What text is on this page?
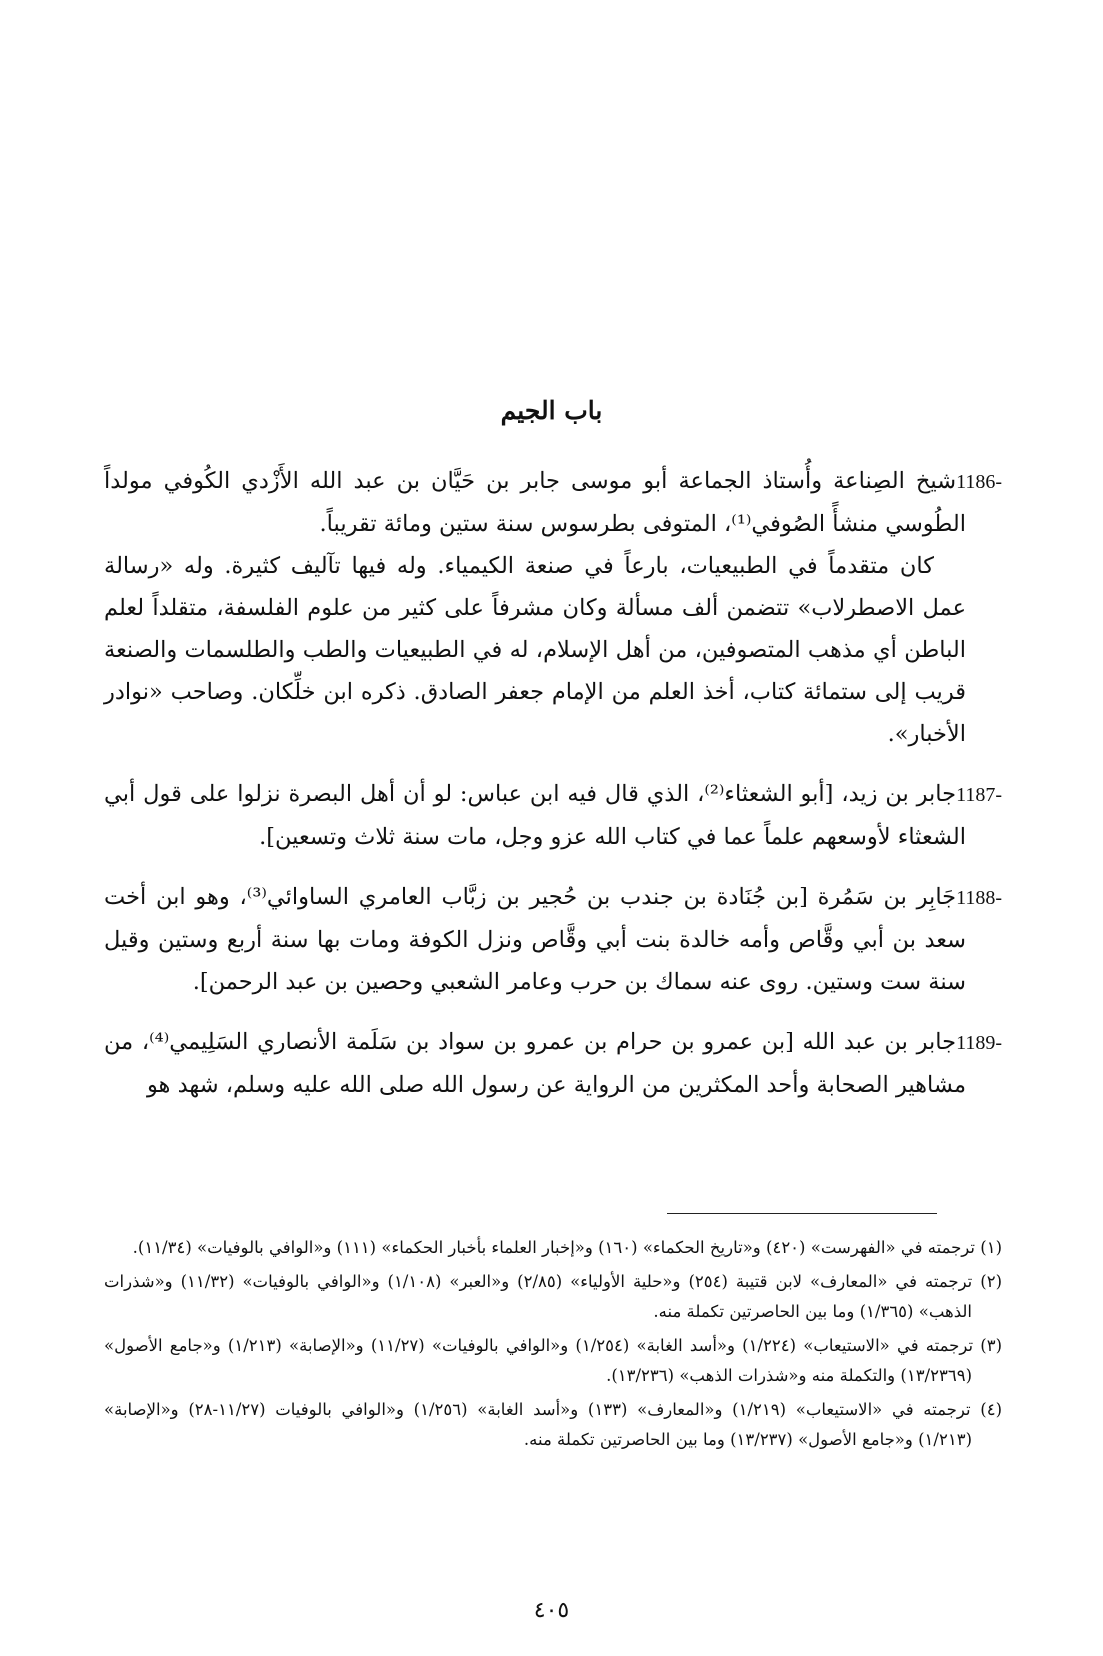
باب الجيم

1186-شيخ الصِناعة وأُستاذ الجماعة أبو موسى جابر بن حَيَّان بن عبد الله الأَزْدي الكُوفي مولداً الطُوسي منشأً الصُوفي⁽¹⁾، المتوفى بطرسوس سنة ستين ومائة تقريباً.

كان متقدماً في الطبيعيات، بارعاً في صنعة الكيمياء. وله فيها تآليف كثيرة. وله «رسالة عمل الاصطرلاب» تتضمن ألف مسألة وكان مشرفاً على كثير من علوم الفلسفة، متقلداً لعلم الباطن أي مذهب المتصوفين، من أهل الإسلام، له في الطبيعيات والطب والطلسمات والصنعة قريب إلى ستمائة كتاب، أخذ العلم من الإمام جعفر الصادق. ذكره ابن خلِّكان. وصاحب «نوادر الأخبار».

1187-جابر بن زيد، [أبو الشعثاء⁽²⁾، الذي قال فيه ابن عباس: لو أن أهل البصرة نزلوا على قول أبي الشعثاء لأوسعهم علماً عما في كتاب الله عزو وجل، مات سنة ثلاث وتسعين].

1188-جَابِر بن سَمُرة [بن جُنَادة بن جندب بن حُجير بن زبَّاب العامري الساوائي⁽³⁾، وهو ابن أخت سعد بن أبي وقَّاص وأمه خالدة بنت أبي وقَّاص ونزل الكوفة ومات بها سنة أربع وستين وقيل سنة ست وستين. روى عنه سماك بن حرب وعامر الشعبي وحصين بن عبد الرحمن].

1189-جابر بن عبد الله [بن عمرو بن حرام بن عمرو بن سواد بن سَلَمة الأنصاري السَلِيمي⁽⁴⁾، من مشاهير الصحابة وأحد المكثرين من الرواية عن رسول الله صلى الله عليه وسلم، شهد هو

(١) ترجمته في «الفهرست» (٤٢٠) و«تاريخ الحكماء» (١٦٠) و«إخبار العلماء بأخبار الحكماء» (١١١) و«الوافي بالوفيات» (١١/٣٤).

(٢) ترجمته في «المعارف» لابن قتيبة (٢٥٤) و«حلية الأولياء» (٢/٨٥) و«العبر» (١/١٠٨) و«الوافي بالوفيات» (١١/٣٢) و«شذرات الذهب» (١/٣٦٥) وما بين الحاصرتين تكملة منه.

(٣) ترجمته في «الاستيعاب» (١/٢٢٤) و«أسد الغابة» (١/٢٥٤) و«الوافي بالوفيات» (١١/٢٧) و«الإصابة» (١/٢١٣) و«جامع الأصول» (١٣/٢٣٦٩) والتكملة منه و«شذرات الذهب» (١٣/٢٣٦).

(٤) ترجمته في «الاستيعاب» (١/٢١٩) و«المعارف» (١٣٣) و«أسد الغابة» (١/٢٥٦) و«الوافي بالوفيات (١١/٢٧-٢٨) و«الإصابة» (١/٢١٣) و«جامع الأصول» (١٣/٢٣٧) وما بين الحاصرتين تكملة منه.

٤٠٥
